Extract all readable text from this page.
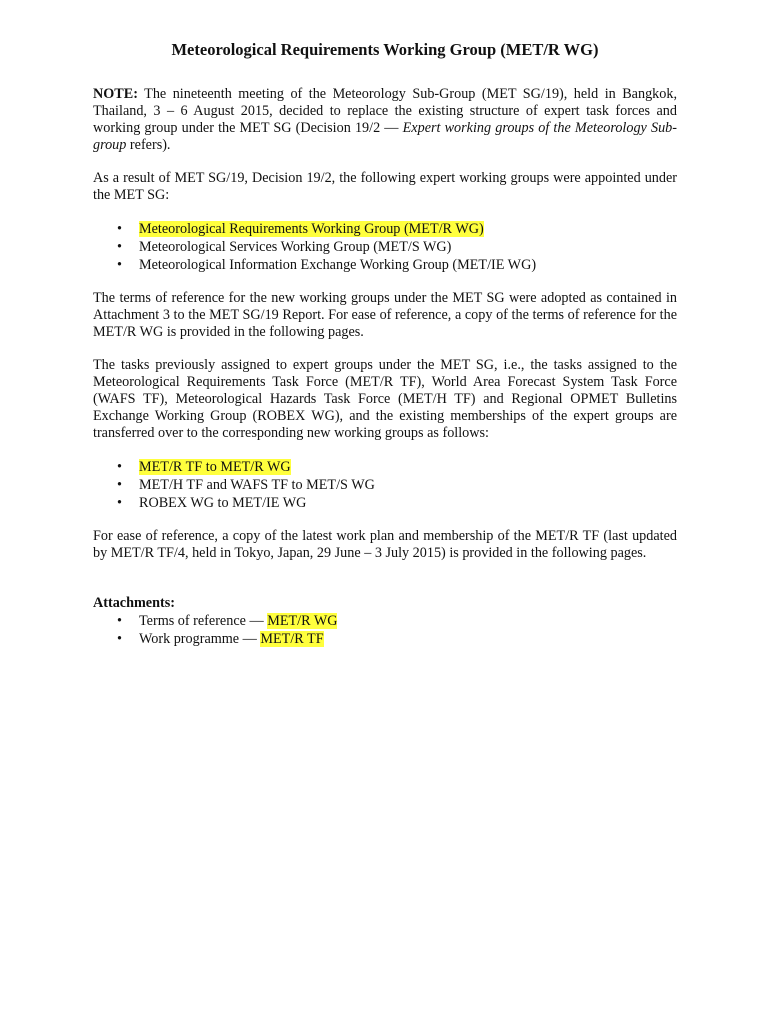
Meteorological Requirements Working Group (MET/R WG)

NOTE: The nineteenth meeting of the Meteorology Sub-Group (MET SG/19), held in Bangkok, Thailand, 3 – 6 August 2015, decided to replace the existing structure of expert task forces and working group under the MET SG (Decision 19/2 — Expert working groups of the Meteorology Sub-group refers).

As a result of MET SG/19, Decision 19/2, the following expert working groups were appointed under the MET SG:

• Meteorological Requirements Working Group (MET/R WG)
• Meteorological Services Working Group (MET/S WG)
• Meteorological Information Exchange Working Group (MET/IE WG)

The terms of reference for the new working groups under the MET SG were adopted as contained in Attachment 3 to the MET SG/19 Report. For ease of reference, a copy of the terms of reference for the MET/R WG is provided in the following pages.

The tasks previously assigned to expert groups under the MET SG, i.e., the tasks assigned to the Meteorological Requirements Task Force (MET/R TF), World Area Forecast System Task Force (WAFS TF), Meteorological Hazards Task Force (MET/H TF) and Regional OPMET Bulletins Exchange Working Group (ROBEX WG), and the existing memberships of the expert groups are transferred over to the corresponding new working groups as follows:

• MET/R TF to MET/R WG
• MET/H TF and WAFS TF to MET/S WG
• ROBEX WG to MET/IE WG

For ease of reference, a copy of the latest work plan and membership of the MET/R TF (last updated by MET/R TF/4, held in Tokyo, Japan, 29 June – 3 July 2015) is provided in the following pages.

Attachments:

• Terms of reference — MET/R WG
• Work programme — MET/R TF
